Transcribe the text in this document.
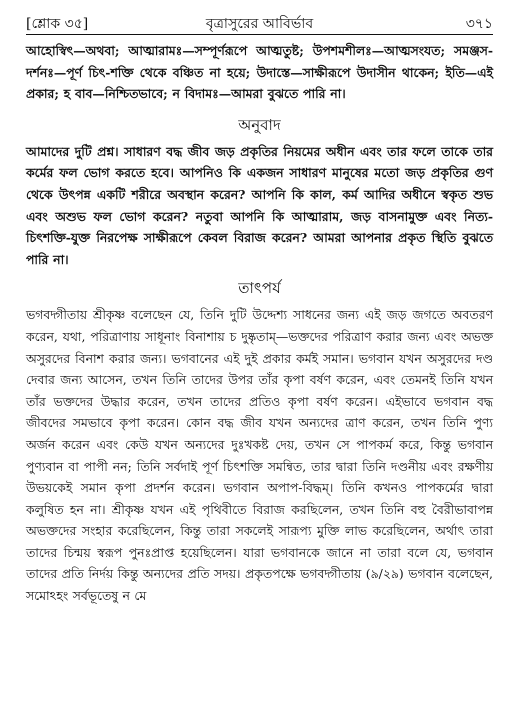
[শ্লোক ৩৫]	বৃত্রাসুরের আবির্ভাব	৩৭১

আহোস্বিৎ—অথবা; আত্মারামঃ—সম্পূর্ণরূপে আত্মতুষ্ট; উপশমশীলঃ—আত্মসংযত; সমঞ্জস-দর্শনঃ—পূর্ণ চিৎ-শক্তি থেকে বঞ্চিত না হয়ে; উদাস্তে—সাক্ষীরূপে উদাসীন থাকেন; ইতি—এই প্রকার; হ বাব—নিশ্চিতভাবে; ন বিদামঃ—আমরা বুঝতে পারি না।

অনুবাদ

আমাদের দুটি প্রশ্ন। সাধারণ বদ্ধ জীব জড় প্রকৃতির নিয়মের অধীন এবং তার ফলে তাকে তার কর্মের ফল ভোগ করতে হবে। আপনিও কি একজন সাধারণ মানুষের মতো জড় প্রকৃতির গুণ থেকে উৎপন্ন একটি শরীরে অবস্থান করেন? আপনি কি কাল, কর্ম আদির অধীনে স্বকৃত শুভ এবং অশুভ ফল ভোগ করেন? নতুবা আপনি কি আত্মারাম, জড় বাসনামুক্ত এবং নিত্য-চিৎশক্তি-যুক্ত নিরপেক্ষ সাক্ষীরূপে কেবল বিরাজ করেন? আমরা আপনার প্রকৃত স্থিতি বুঝতে পারি না।

তাৎপর্য

ভগবদ্গীতায় শ্রীকৃষ্ণ বলেছেন যে, তিনি দুটি উদ্দেশ্য সাধনের জন্য এই জড় জগতে অবতরণ করেন, যথা, পরিত্রাণায় সাধূনাং বিনাশায় চ দুষ্কৃতাম্—ভক্তদের পরিত্রাণ করার জন্য এবং অভক্ত অসুরদের বিনাশ করার জন্য। ভগবানের এই দুই প্রকার কর্মই সমান। ভগবান যখন অসুরদের দণ্ড দেবার জন্য আসেন, তখন তিনি তাদের উপর তাঁর কৃপা বর্ষণ করেন, এবং তেমনই তিনি যখন তাঁর ভক্তদের উদ্ধার করেন, তখন তাদের প্রতিও কৃপা বর্ষণ করেন। এইভাবে ভগবান বদ্ধ জীবদের সমভাবে কৃপা করেন। কোন বদ্ধ জীব যখন অন্যদের ত্রাণ করেন, তখন তিনি পুণ্য অর্জন করেন এবং কেউ যখন অন্যদের দুঃখকষ্ট দেয়, তখন সে পাপকর্ম করে, কিন্তু ভগবান পুণ্যবান বা পাপী নন; তিনি সর্বদাই পূর্ণ চিৎশক্তি সমন্বিত, তার দ্বারা তিনি দণ্ডনীয় এবং রক্ষণীয় উভয়কেই সমান কৃপা প্রদর্শন করেন। ভগবান অপাপ-বিদ্ধম্। তিনি কখনও পাপকর্মের দ্বারা কলুষিত হন না। শ্রীকৃষ্ণ যখন এই পৃথিবীতে বিরাজ করছিলেন, তখন তিনি বহু বৈরীভাবাপন্ন অভক্তদের সংহার করেছিলেন, কিন্তু তারা সকলেই সারূপ্য মুক্তি লাভ করেছিলেন, অর্থাৎ তারা তাদের চিন্ময় স্বরূপ পুনঃপ্রাপ্ত হয়েছিলেন। যারা ভগবানকে জানে না তারা বলে যে, ভগবান তাদের প্রতি নির্দয় কিন্তু অন্যদের প্রতি সদয়। প্রকৃতপক্ষে ভগবদ্গীতায় (৯/২৯) ভগবান বলেছেন, সমোঽহং সর্বভূতেষু ন মে
